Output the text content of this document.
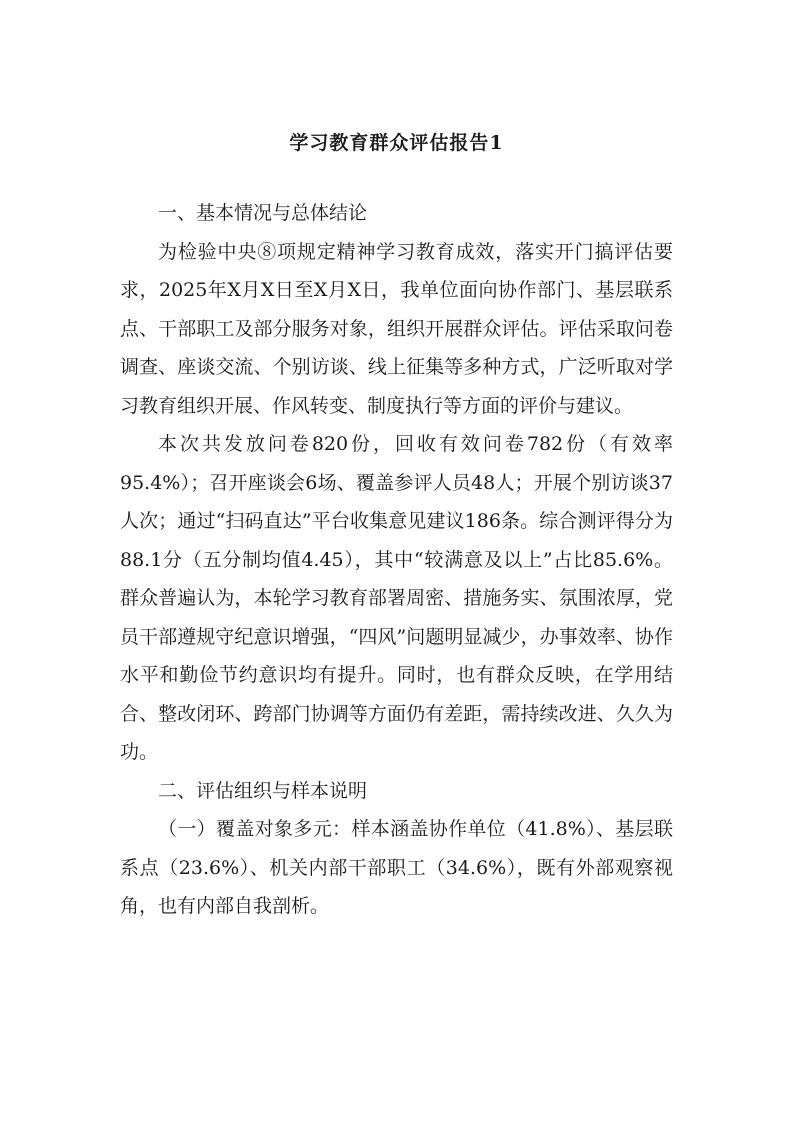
学习教育群众评估报告1

一、基本情况与总体结论

为检验中央⑧项规定精神学习教育成效，落实开门搞评估要求，2025年X月X日至X月X日，我单位面向协作部门、基层联系点、干部职工及部分服务对象，组织开展群众评估。评估采取问卷调查、座谈交流、个别访谈、线上征集等多种方式，广泛听取对学习教育组织开展、作风转变、制度执行等方面的评价与建议。

本次共发放问卷820份，回收有效问卷782份（有效率95.4%）；召开座谈会6场、覆盖参评人员48人；开展个别访谈37人次；通过“扫码直达”平台收集意见建议186条。综合测评得分为88.1分（五分制均值4.45），其中“较满意及以上”占比85.6%。群众普遍认为，本轮学习教育部署周密、措施务实、氛围浓厚，党员干部遵规守纪意识增强，“四风”问题明显减少，办事效率、协作水平和勤俭节约意识均有提升。同时，也有群众反映，在学用结合、整改闭环、跨部门协调等方面仍有差距，需持续改进、久久为功。

二、评估组织与样本说明

（一）覆盖对象多元：样本涵盖协作单位（41.8%）、基层联系点（23.6%）、机关内部干部职工（34.6%），既有外部观察视角，也有内部自我剖析。
